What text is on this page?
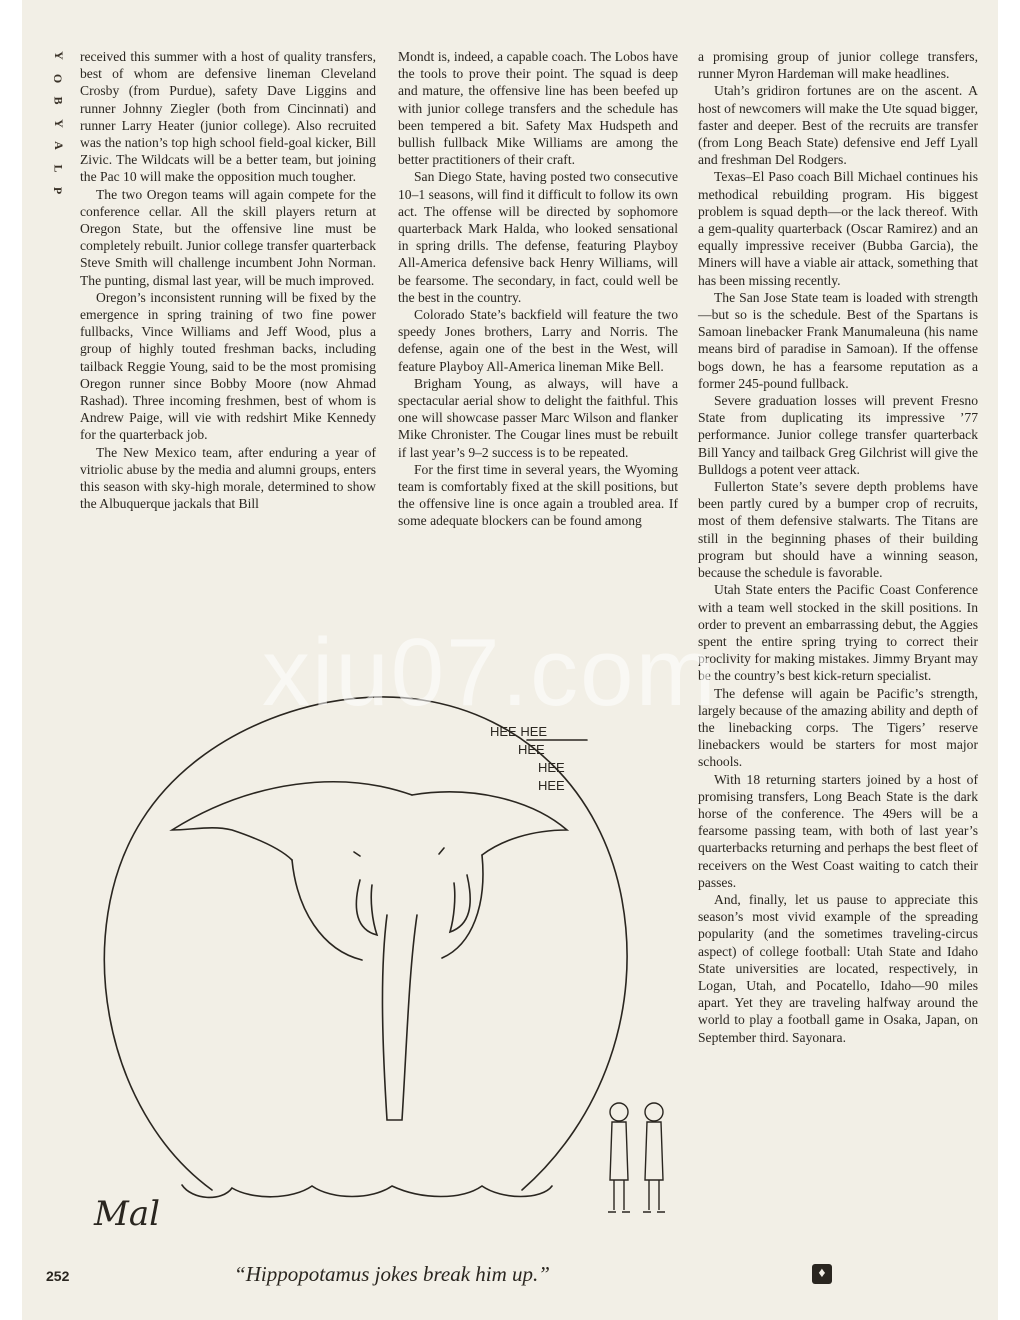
Y
O
B
Y
A
L
P

received this summer with a host of quality transfers, best of whom are defensive lineman Cleveland Crosby (from Purdue), safety Dave Liggins and runner Johnny Ziegler (both from Cincinnati) and runner Larry Heater (junior college). Also recruited was the nation’s top high school field-goal kicker, Bill Zivic. The Wildcats will be a better team, but joining the Pac 10 will make the opposition much tougher.

The two Oregon teams will again compete for the conference cellar. All the skill players return at Oregon State, but the offensive line must be completely rebuilt. Junior college transfer quarterback Steve Smith will challenge incumbent John Norman. The punting, dismal last year, will be much improved.

Oregon’s inconsistent running will be fixed by the emergence in spring training of two fine power fullbacks, Vince Williams and Jeff Wood, plus a group of highly touted freshman backs, including tailback Reggie Young, said to be the most promising Oregon runner since Bobby Moore (now Ahmad Rashad). Three incoming freshmen, best of whom is Andrew Paige, will vie with redshirt Mike Kennedy for the quarterback job.

The New Mexico team, after enduring a year of vitriolic abuse by the media and alumni groups, enters this season with sky-high morale, determined to show the Albuquerque jackals that Bill

Mondt is, indeed, a capable coach. The Lobos have the tools to prove their point. The squad is deep and mature, the offensive line has been beefed up with junior college transfers and the schedule has been tempered a bit. Safety Max Hudspeth and bullish fullback Mike Williams are among the better practitioners of their craft.

San Diego State, having posted two consecutive 10–1 seasons, will find it difficult to follow its own act. The offense will be directed by sophomore quarterback Mark Halda, who looked sensational in spring drills. The defense, featuring Playboy All-America defensive back Henry Williams, will be fearsome. The secondary, in fact, could well be the best in the country.

Colorado State’s backfield will feature the two speedy Jones brothers, Larry and Norris. The defense, again one of the best in the West, will feature Playboy All-America lineman Mike Bell.

Brigham Young, as always, will have a spectacular aerial show to delight the faithful. This one will showcase passer Marc Wilson and flanker Mike Chronister. The Cougar lines must be rebuilt if last year’s 9–2 success is to be repeated.

For the first time in several years, the Wyoming team is comfortably fixed at the skill positions, but the offensive line is once again a troubled area. If some adequate blockers can be found among

a promising group of junior college transfers, runner Myron Hardeman will make headlines.

Utah’s gridiron fortunes are on the ascent. A host of newcomers will make the Ute squad bigger, faster and deeper. Best of the recruits are transfer (from Long Beach State) defensive end Jeff Lyall and freshman Del Rodgers.

Texas–El Paso coach Bill Michael continues his methodical rebuilding program. His biggest problem is squad depth—or the lack thereof. With a gem-quality quarterback (Oscar Ramirez) and an equally impressive receiver (Bubba Garcia), the Miners will have a viable air attack, something that has been missing recently.

The San Jose State team is loaded with strength—but so is the schedule. Best of the Spartans is Samoan linebacker Frank Manumaleuna (his name means bird of paradise in Samoan). If the offense bogs down, he has a fearsome reputation as a former 245-pound fullback.

Severe graduation losses will prevent Fresno State from duplicating its impressive ’77 performance. Junior college transfer quarterback Bill Yancy and tailback Greg Gilchrist will give the Bulldogs a potent veer attack.

Fullerton State’s severe depth problems have been partly cured by a bumper crop of recruits, most of them defensive stalwarts. The Titans are still in the beginning phases of their building program but should have a winning season, because the schedule is favorable.

Utah State enters the Pacific Coast Conference with a team well stocked in the skill positions. In order to prevent an embarrassing debut, the Aggies spent the entire spring trying to correct their proclivity for making mistakes. Jimmy Bryant may be the country’s best kick-return specialist.

The defense will again be Pacific’s strength, largely because of the amazing ability and depth of the linebacking corps. The Tigers’ reserve linebackers would be starters for most major schools.

With 18 returning starters joined by a host of promising transfers, Long Beach State is the dark horse of the conference. The 49ers will be a fearsome passing team, with both of last year’s quarterbacks returning and perhaps the best fleet of receivers on the West Coast waiting to catch their passes.

And, finally, let us pause to appreciate this season’s most vivid example of the spreading popularity (and the sometimes traveling-circus aspect) of college football: Utah State and Idaho State universities are located, respectively, in Logan, Utah, and Pocatello, Idaho—90 miles apart. Yet they are traveling halfway around the world to play a football game in Osaka, Japan, on September third. Sayonara.

HEE HEE
HEE
HEE
HEE
Mal
xiu07.com
“Hippopotamus jokes break him up.”
252	♦
